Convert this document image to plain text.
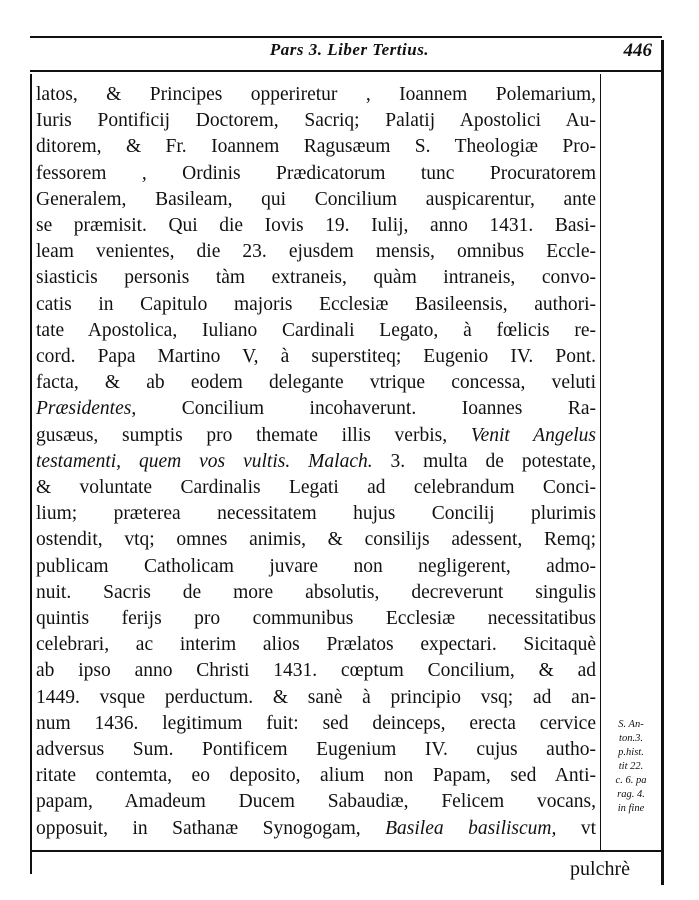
Pars 3. Liber Tertius.	446
latos, & Principes opperiretur , Ioannem Polemarium,
Iuris Pontificij Doctorem, Sacriq; Palatij Apostolici Au-
ditorem, & Fr. Ioannem Ragusæum S. Theologiæ Pro-
fessorem , Ordinis Prædicatorum tunc Procuratorem
Generalem, Basileam, qui Concilium auspicarentur, ante
se præmisit. Qui die Iovis 19. Iulij, anno 1431. Basi-
leam venientes, die 23. ejusdem mensis, omnibus Eccle-
siasticis personis tàm extraneis, quàm intraneis, convo-
catis in Capitulo majoris Ecclesiæ Basileensis, authori-
tate Apostolica, Iuliano Cardinali Legato, à fœlicis re-
cord. Papa Martino V, à superstiteq; Eugenio IV. Pont.
facta, & ab eodem delegante vtrique concessa, veluti
Præsidentes, Concilium incohaverunt. Ioannes Ra-
gusæus, sumptis pro themate illis verbis, Venit Angelus
testamenti, quem vos vultis. Malach. 3. multa de potestate,
& voluntate Cardinalis Legati ad celebrandum Conci-
lium; præterea necessitatem hujus Concilij plurimis
ostendit, vtq; omnes animis, & consilijs adessent, Remq;
publicam Catholicam juvare non negligerent, admo-
nuit. Sacris de more absolutis, decreverunt singulis
quintis ferijs pro communibus Ecclesiæ necessitatibus
celebrari, ac interim alios Prælatos expectari. Sicitaquè
ab ipso anno Christi 1431. cœptum Concilium, & ad
1449. vsque perductum. & sanè à principio vsq; ad an-
num 1436. legitimum fuit: sed deinceps, erecta cervice
adversus Sum. Pontificem Eugenium IV. cujus autho-
ritate contemta, eo deposito, alium non Papam, sed Anti-
papam, Amadeum Ducem Sabaudiæ, Felicem vocans,
opposuit, in Sathanæ Synogogam, Basilea basiliscum, vt
S. An-
ton.3.
p.hist.
tit 22.
c. 6. pa
rag. 4.
in fine
pulchrè
